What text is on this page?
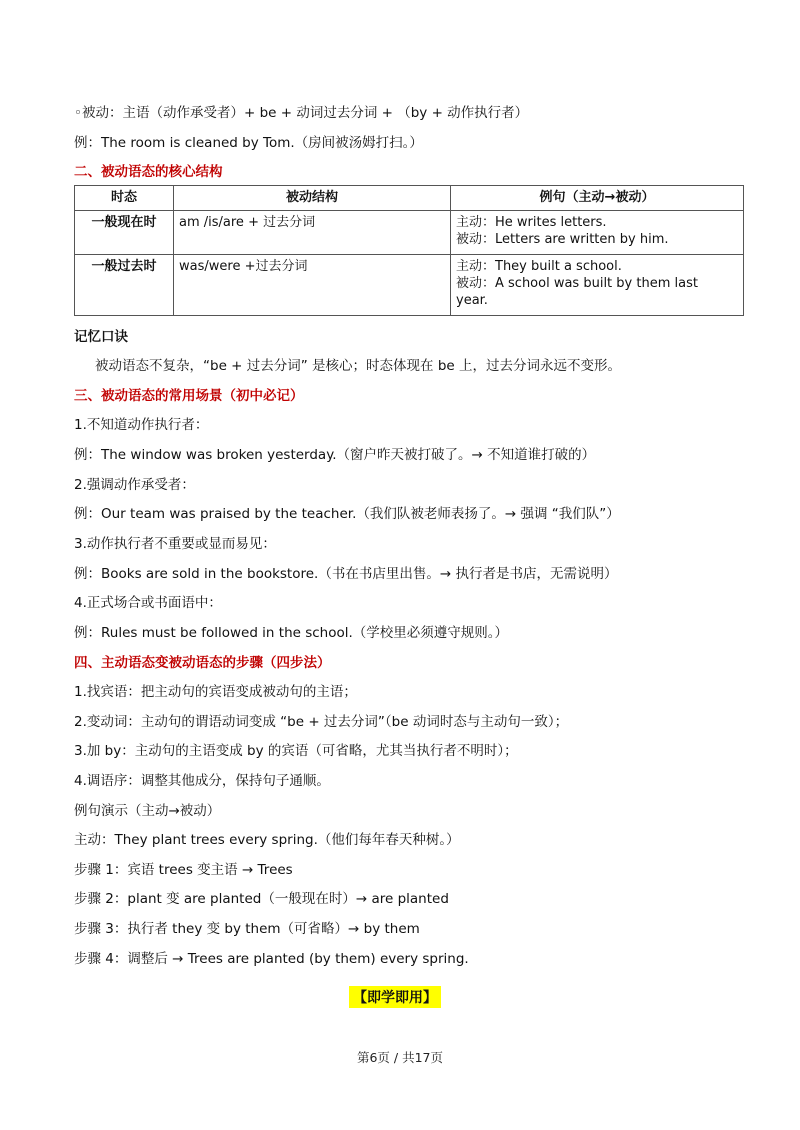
◦被动：主语（动作承受者）+ be + 动词过去分词 + （by + 动作执行者）
例：The room is cleaned by Tom.（房间被汤姆打扫。）
二、被动语态的核心结构
时态	被动结构	例句（主动→被动）
一般现在时	am /is/are + 过去分词	主动：He writes letters.
被动：Letters are written by him.

一般过去时	was/were +过去分词	主动：They built a school.
被动：A school was built by them last year.
记忆口诀
被动语态不复杂，“be + 过去分词” 是核心；时态体现在 be 上，过去分词永远不变形。
三、被动语态的常用场景（初中必记）
1.不知道动作执行者：
例：The window was broken yesterday.（窗户昨天被打破了。→ 不知道谁打破的）
2.强调动作承受者：
例：Our team was praised by the teacher.（我们队被老师表扬了。→ 强调 “我们队”）
3.动作执行者不重要或显而易见：
例：Books are sold in the bookstore.（书在书店里出售。→ 执行者是书店，无需说明）
4.正式场合或书面语中：
例：Rules must be followed in the school.（学校里必须遵守规则。）
四、主动语态变被动语态的步骤（四步法）
1.找宾语：把主动句的宾语变成被动句的主语；
2.变动词：主动句的谓语动词变成 “be + 过去分词”（be 动词时态与主动句一致）；
3.加 by：主动句的主语变成 by 的宾语（可省略，尤其当执行者不明时）；
4.调语序：调整其他成分，保持句子通顺。
例句演示（主动→被动）
主动：They plant trees every spring.（他们每年春天种树。）
步骤 1：宾语 trees 变主语 → Trees
步骤 2：plant 变 are planted（一般现在时）→ are planted
步骤 3：执行者 they 变 by them（可省略）→ by them
步骤 4：调整后 → Trees are planted (by them) every spring.
【即学即用】
第6页 / 共17页
